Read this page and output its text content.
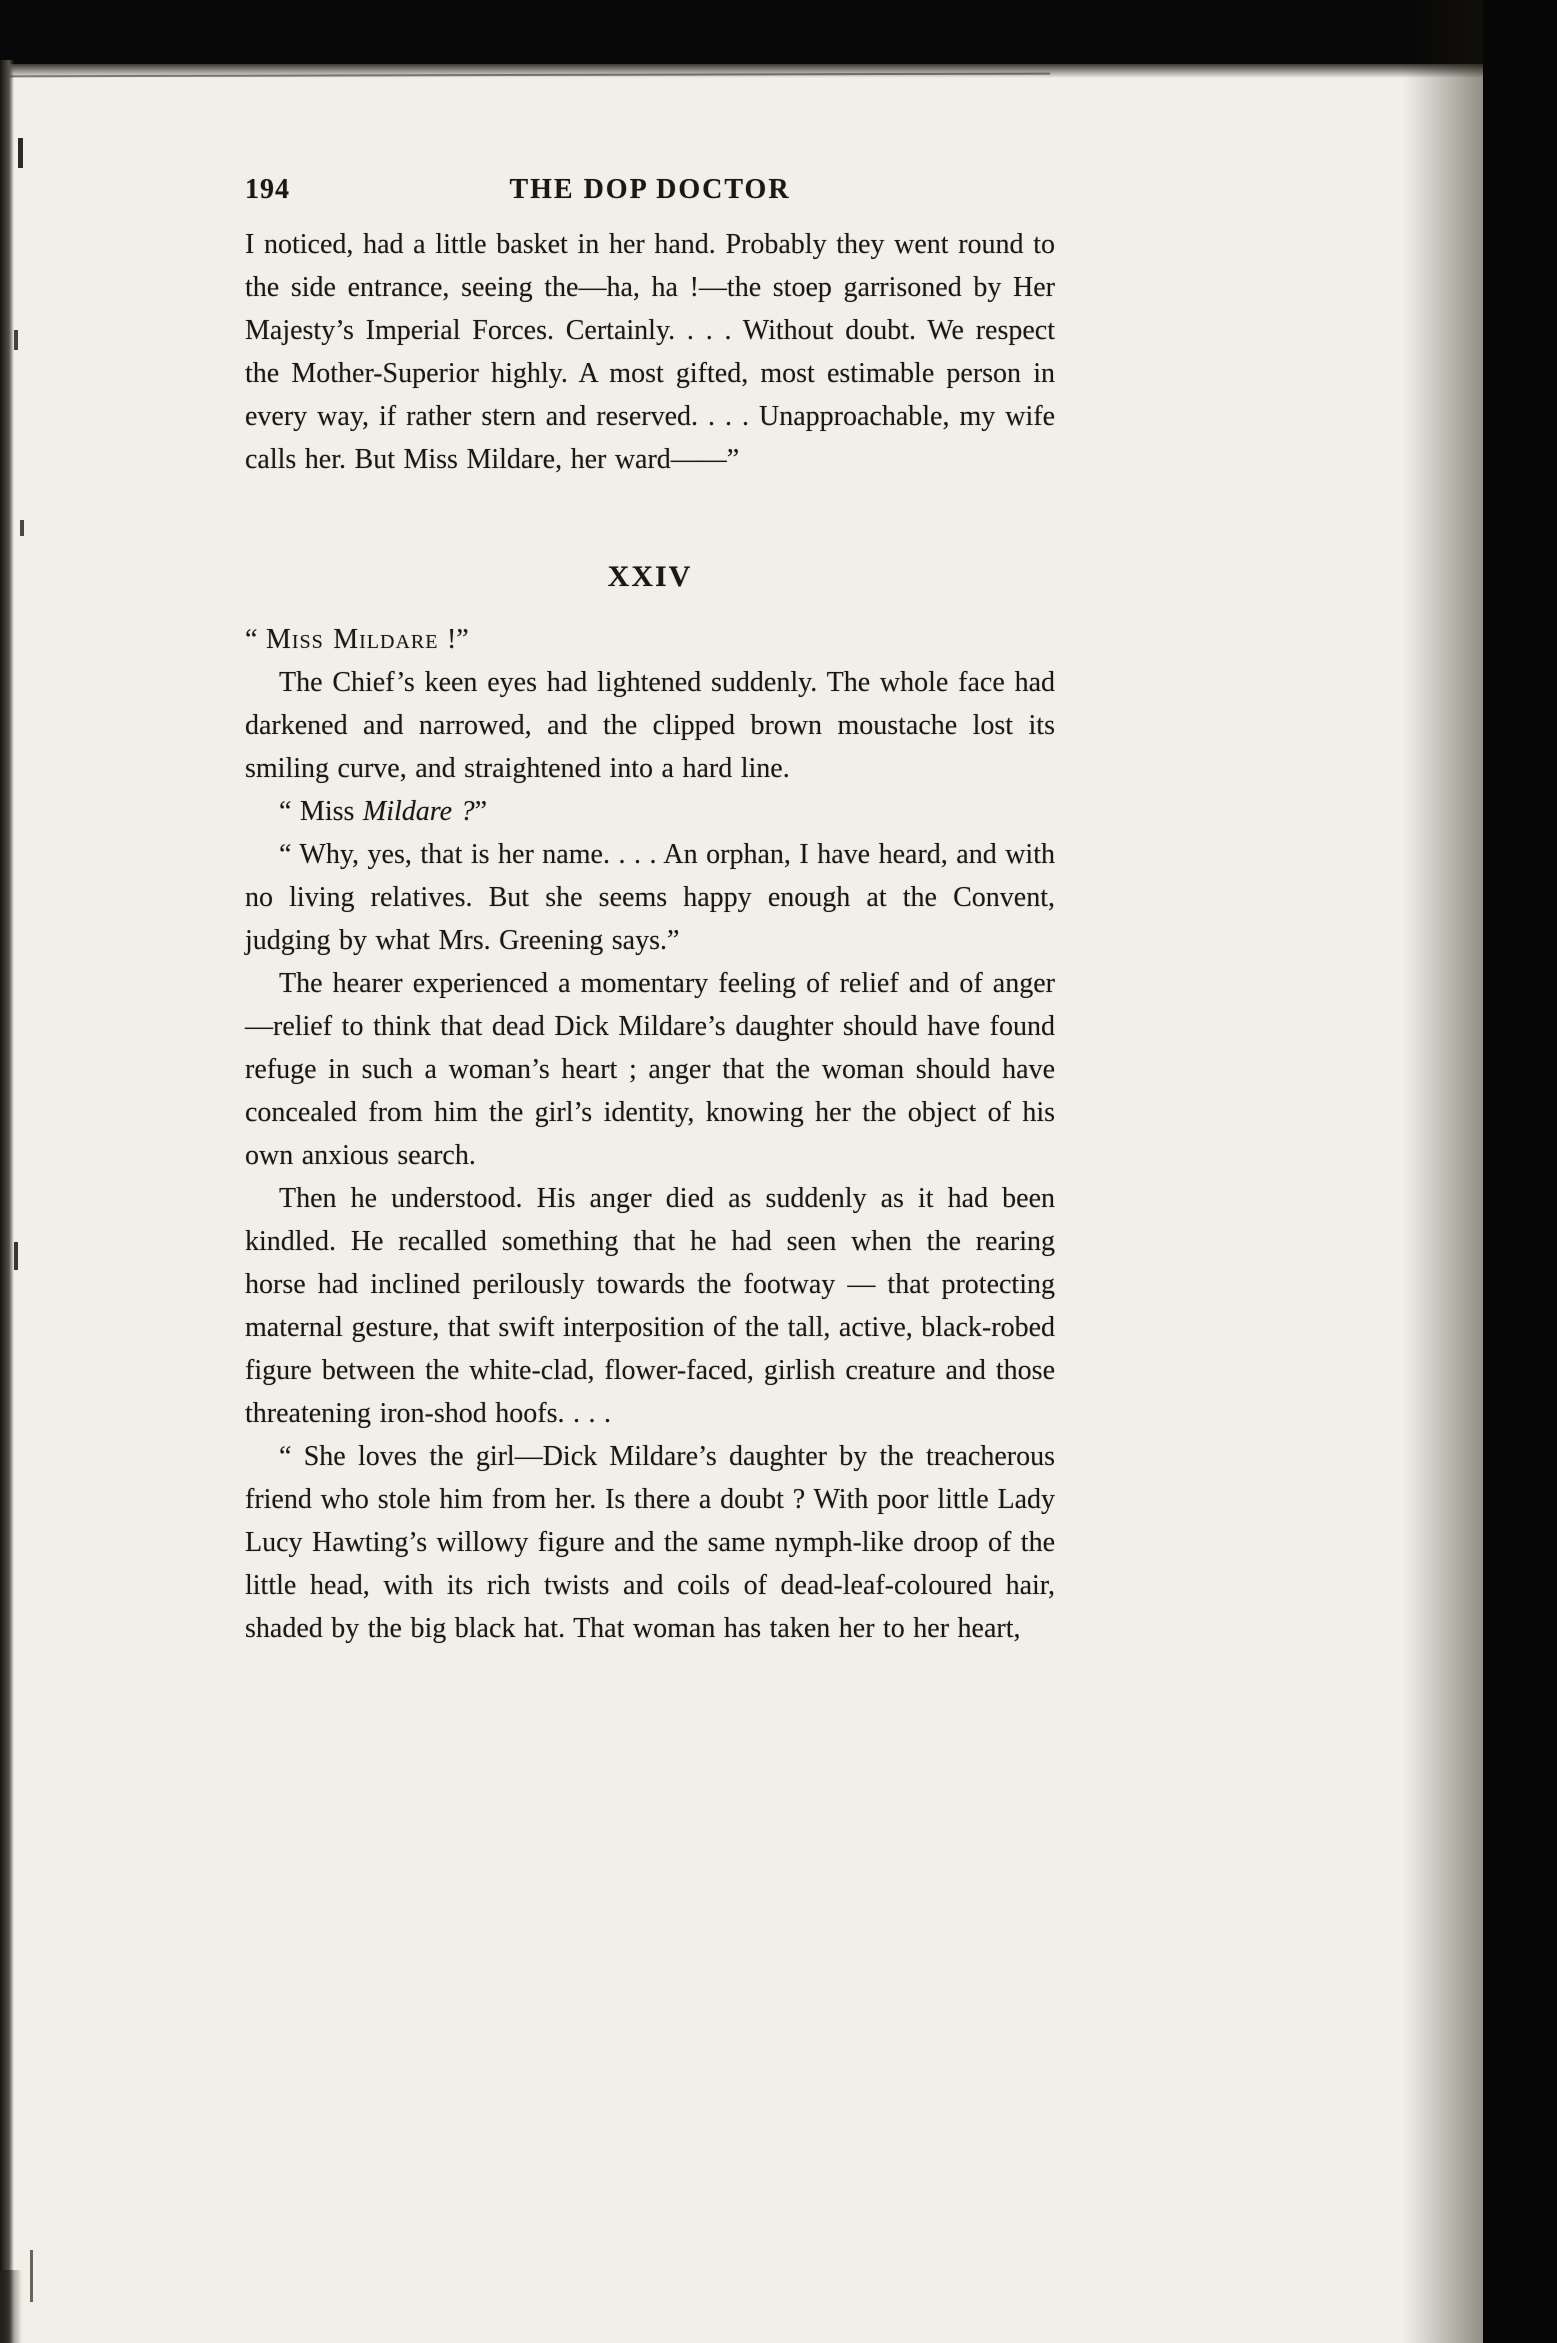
194	THE DOP DOCTOR

I noticed, had a little basket in her hand. Probably they went round to the side entrance, seeing the—ha, ha !—the stoep garrisoned by Her Majesty’s Imperial Forces. Certainly. . . . Without doubt. We respect the Mother-Superior highly. A most gifted, most estimable person in every way, if rather stern and reserved. . . . Unapproachable, my wife calls her. But Miss Mildare, her ward——”

XXIV

“ Miss Mildare !”

The Chief’s keen eyes had lightened suddenly. The whole face had darkened and narrowed, and the clipped brown moustache lost its smiling curve, and straightened into a hard line.

“ Miss Mildare ?”

“ Why, yes, that is her name. . . . An orphan, I have heard, and with no living relatives. But she seems happy enough at the Convent, judging by what Mrs. Greening says.”

The hearer experienced a momentary feeling of relief and of anger—relief to think that dead Dick Mildare’s daughter should have found refuge in such a woman’s heart ; anger that the woman should have concealed from him the girl’s identity, knowing her the object of his own anxious search.

Then he understood. His anger died as suddenly as it had been kindled. He recalled something that he had seen when the rearing horse had inclined perilously towards the footway — that protecting maternal gesture, that swift interposition of the tall, active, black-robed figure between the white-clad, flower-faced, girlish creature and those threatening iron-shod hoofs. . . .

“ She loves the girl—Dick Mildare’s daughter by the treacherous friend who stole him from her. Is there a doubt ? With poor little Lady Lucy Hawting’s willowy figure and the same nymph-like droop of the little head, with its rich twists and coils of dead-leaf-coloured hair, shaded by the big black hat. That woman has taken her to her heart,
